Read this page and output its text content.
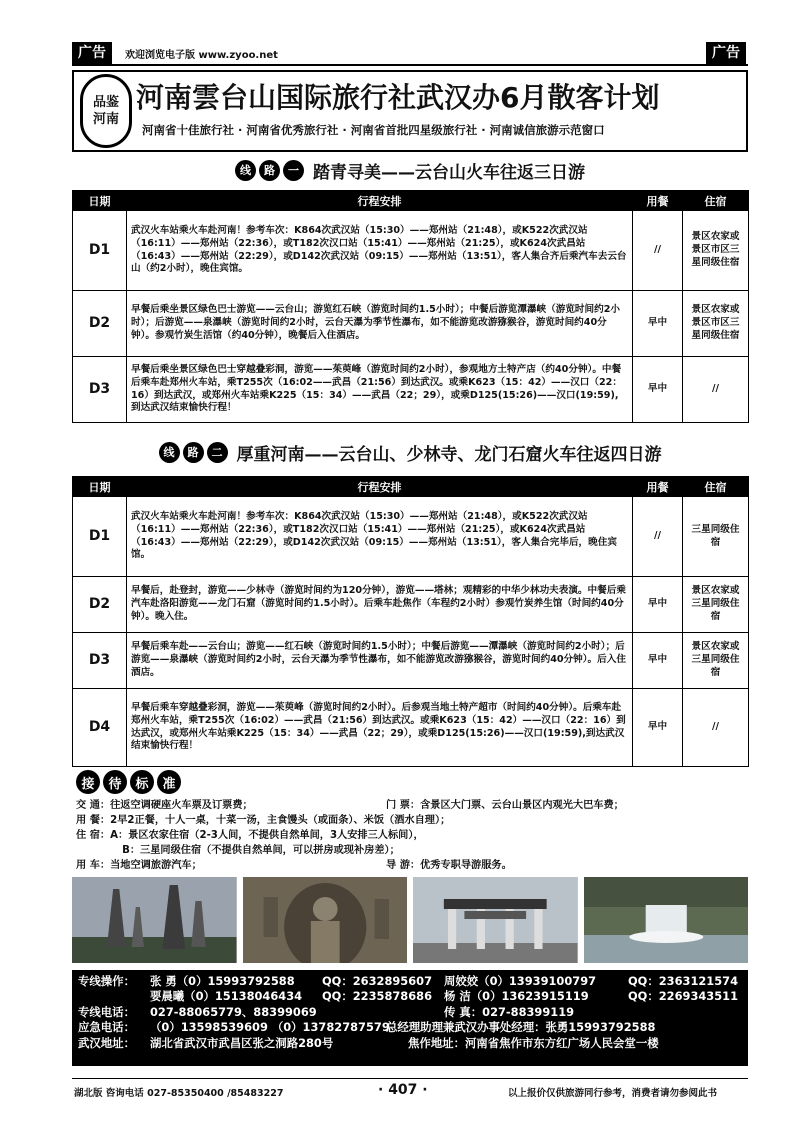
广告	广告
欢迎浏览电子版 www.zyoo.net
品鉴河南
河南雲台山国际旅行社武汉办6月散客计划
河南省十佳旅行社 · 河南省优秀旅行社 · 河南省首批四星级旅行社 · 河南诚信旅游示范窗口
线	路	一 踏青寻美——云台山火车往返三日游
日期	行程安排	用餐	住宿
D1	武汉火车站乘火车赴河南！参考车次：K864次武汉站（15:30）——郑州站（21:48），或K522次武汉站（16:11）——郑州站（22:36），或T182次汉口站（15:41）——郑州站（21:25），或K624次武昌站（16:43）——郑州站（22:29），或D142次武汉站（09:15）——郑州站（13:51），客人集合齐后乘汽车去云台山（约2小时），晚住宾馆。	//	景区农家或景区市区三星同级住宿
D2	早餐后乘坐景区绿色巴士游览——云台山；游览红石峡（游览时间约1.5小时）；中餐后游览潭瀑峡（游览时间约2小时）；后游览——泉瀑峡（游览时间约2小时，云台天瀑为季节性瀑布，如不能游览改游猕猴谷，游览时间约40分钟）。参观竹炭生活馆（约40分钟），晚餐后入住酒店。	早中	景区农家或景区市区三星同级住宿
D3	早餐后乘坐景区绿色巴士穿越叠彩洞，游览——茱萸峰（游览时间约2小时），参观地方土特产店（约40分钟）。中餐后乘车赴郑州火车站，乘T255次（16:02——武昌（21:56）到达武汉。或乘K623（15：42）——汉口（22：16）到达武汉，或郑州火车站乘K225（15：34）——武昌（22；29），或乘D125(15:26)——汉口(19:59),到达武汉结束愉快行程！	早中	//
线	路	二 厚重河南——云台山、少林寺、龙门石窟火车往返四日游
日期	行程安排	用餐	住宿
D1	武汉火车站乘火车赴河南！参考车次：K864次武汉站（15:30）——郑州站（21:48），或K522次武汉站（16:11）——郑州站（22:36），或T182次汉口站（15:41）——郑州站（21:25），或K624次武昌站（16:43）——郑州站（22:29），或D142次武汉站（09:15）——郑州站（13:51），客人集合完毕后，晚住宾馆。	//	三星同级住宿
D2	早餐后，赴登封，游览——少林寺（游览时间约为120分钟），游览——塔林；观精彩的中华少林功夫表演。中餐后乘汽车赴洛阳游览——龙门石窟（游览时间约1.5小时）。后乘车赴焦作（车程约2小时）参观竹炭养生馆（时间约40分钟）。晚入住。	早中	景区农家或三星同级住宿
D3	早餐后乘车赴——云台山；游览——红石峡（游览时间约1.5小时）；中餐后游览——潭瀑峡（游览时间约2小时）；后游览——泉瀑峡（游览时间约2小时，云台天瀑为季节性瀑布，如不能游览改游猕猴谷，游览时间约40分钟）。后入住酒店。	早中	景区农家或三星同级住宿
D4	早餐后乘车穿越叠彩洞，游览——茱萸峰（游览时间约2小时）。后参观当地土特产超市（时间约40分钟）。后乘车赴郑州火车站，乘T255次（16:02）——武昌（21:56）到达武汉。或乘K623（15：42）——汉口（22：16）到达武汉，或郑州火车站乘K225（15：34）——武昌（22；29），或乘D125(15:26)——汉口(19:59),到达武汉结束愉快行程！	早中	//
接	待	标	准
交 通：往返空调硬座火车票及订票费；	门 票：含景区大门票、云台山景区内观光大巴车费；
用 餐：2早2正餐，十人一桌，十菜一汤，主食馒头（或面条）、米饭（酒水自理）；
住 宿：A：景区农家住宿（2-3人间，不提供自然单间，3人安排三人标间），
B：三星同级住宿（不提供自然单间，可以拼房或现补房差）；
用 车：当地空调旅游汽车；	导 游：优秀专职导游服务。
专线操作： 张 勇（0）15993792588 QQ：2632895607 周姣姣（0）13939100797	QQ：2363121574
要晨曦（0）15138046434 QQ：2235878686 杨 洁（0）13623915119	QQ：2269343511
专线电话： 027-88065779、88399069	传 真：027-88399119
应急电话： （0）13598539609 （0）13782787579
总经理助理兼武汉办事处经理：张勇15993792588
武汉地址： 湖北省武汉市武昌区张之洞路280号	焦作地址：河南省焦作市东方红广场人民会堂一楼
湖北版 咨询电话 027-85350400 /85483227	· 407 ·	以上报价仅供旅游同行参考，消费者请勿参阅此书
